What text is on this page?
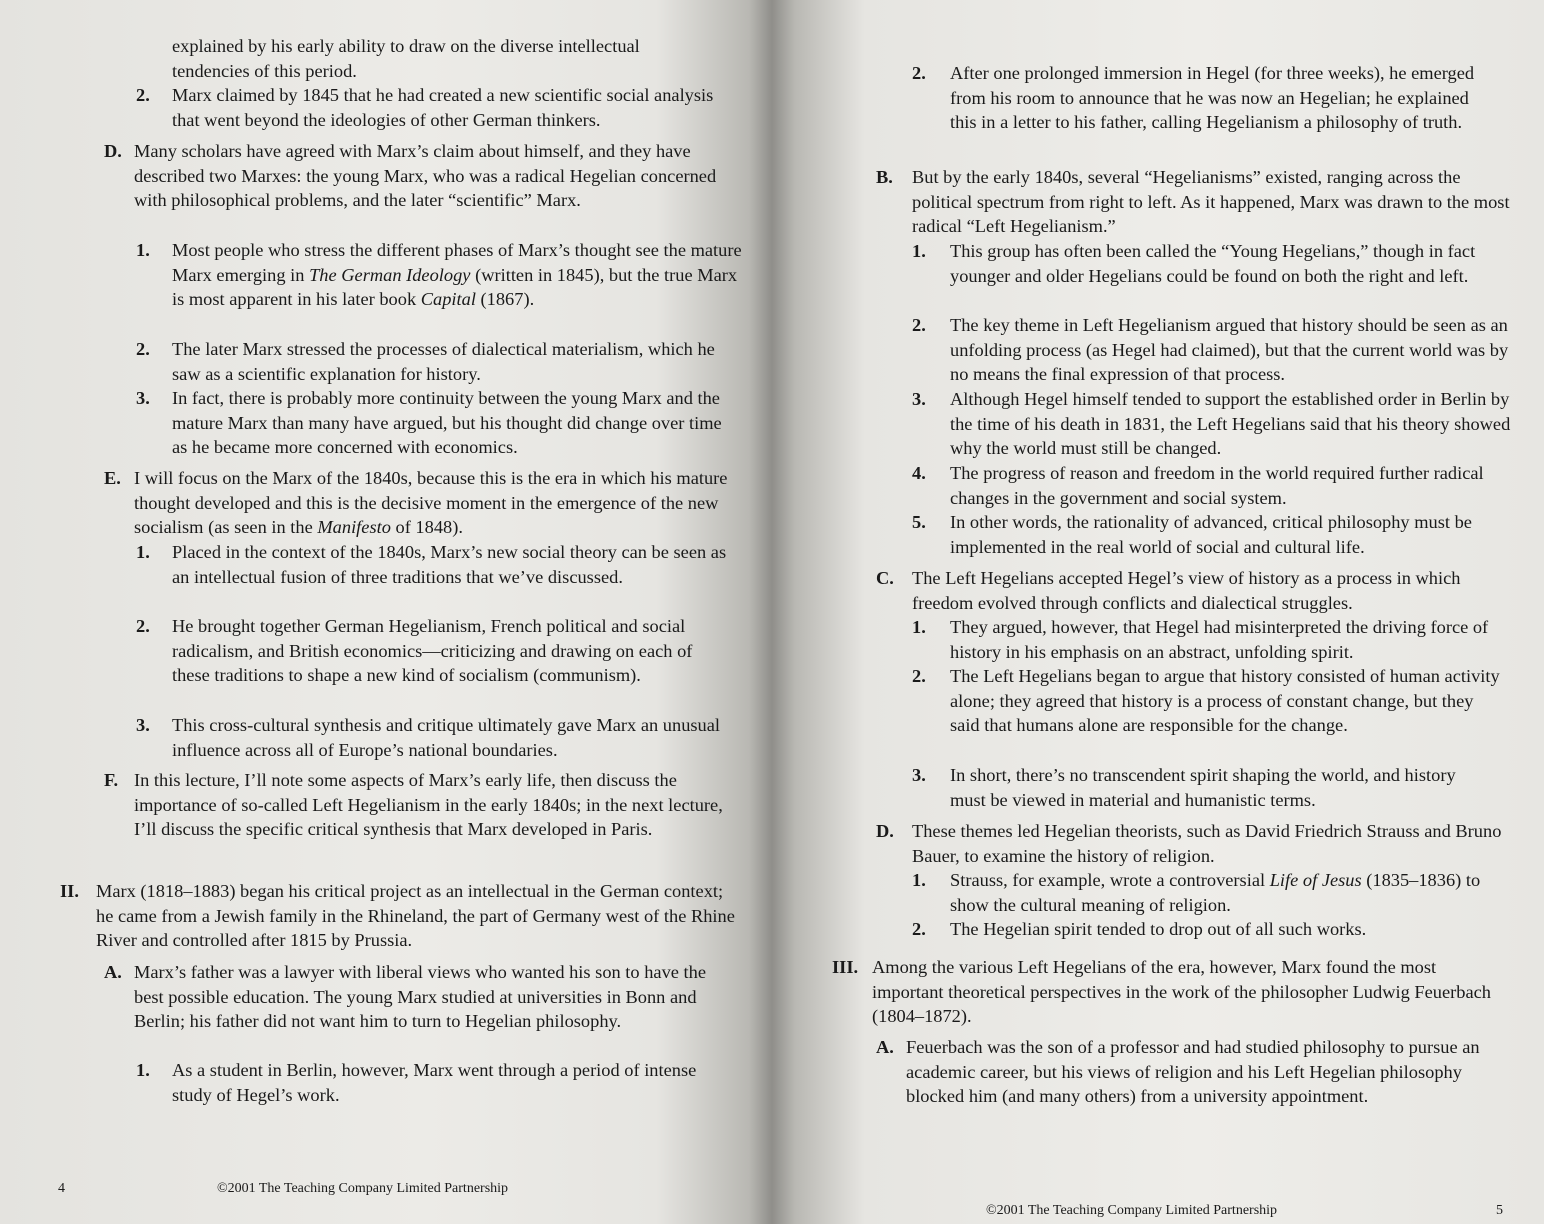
explained by his early ability to draw on the diverse intellectual tendencies of this period.
2. Marx claimed by 1845 that he had created a new scientific social analysis that went beyond the ideologies of other German thinkers.
D. Many scholars have agreed with Marx’s claim about himself, and they have described two Marxes: the young Marx, who was a radical Hegelian concerned with philosophical problems, and the later “scientific” Marx.
1. Most people who stress the different phases of Marx’s thought see the mature Marx emerging in The German Ideology (written in 1845), but the true Marx is most apparent in his later book Capital (1867).
2. The later Marx stressed the processes of dialectical materialism, which he saw as a scientific explanation for history.
3. In fact, there is probably more continuity between the young Marx and the mature Marx than many have argued, but his thought did change over time as he became more concerned with economics.
E. I will focus on the Marx of the 1840s, because this is the era in which his mature thought developed and this is the decisive moment in the emergence of the new socialism (as seen in the Manifesto of 1848).
1. Placed in the context of the 1840s, Marx’s new social theory can be seen as an intellectual fusion of three traditions that we’ve discussed.
2. He brought together German Hegelianism, French political and social radicalism, and British economics—criticizing and drawing on each of these traditions to shape a new kind of socialism (communism).
3. This cross-cultural synthesis and critique ultimately gave Marx an unusual influence across all of Europe’s national boundaries.
F. In this lecture, I’ll note some aspects of Marx’s early life, then discuss the importance of so-called Left Hegelianism in the early 1840s; in the next lecture, I’ll discuss the specific critical synthesis that Marx developed in Paris.
II. Marx (1818–1883) began his critical project as an intellectual in the German context; he came from a Jewish family in the Rhineland, the part of Germany west of the Rhine River and controlled after 1815 by Prussia.
A. Marx’s father was a lawyer with liberal views who wanted his son to have the best possible education. The young Marx studied at universities in Bonn and Berlin; his father did not want him to turn to Hegelian philosophy.
1. As a student in Berlin, however, Marx went through a period of intense study of Hegel’s work.
4	©2001 The Teaching Company Limited Partnership
2. After one prolonged immersion in Hegel (for three weeks), he emerged from his room to announce that he was now an Hegelian; he explained this in a letter to his father, calling Hegelianism a philosophy of truth.
B. But by the early 1840s, several “Hegelianisms” existed, ranging across the political spectrum from right to left. As it happened, Marx was drawn to the most radical “Left Hegelianism.”
1. This group has often been called the “Young Hegelians,” though in fact younger and older Hegelians could be found on both the right and left.
2. The key theme in Left Hegelianism argued that history should be seen as an unfolding process (as Hegel had claimed), but that the current world was by no means the final expression of that process.
3. Although Hegel himself tended to support the established order in Berlin by the time of his death in 1831, the Left Hegelians said that his theory showed why the world must still be changed.
4. The progress of reason and freedom in the world required further radical changes in the government and social system.
5. In other words, the rationality of advanced, critical philosophy must be implemented in the real world of social and cultural life.
C. The Left Hegelians accepted Hegel’s view of history as a process in which freedom evolved through conflicts and dialectical struggles.
1. They argued, however, that Hegel had misinterpreted the driving force of history in his emphasis on an abstract, unfolding spirit.
2. The Left Hegelians began to argue that history consisted of human activity alone; they agreed that history is a process of constant change, but they said that humans alone are responsible for the change.
3. In short, there’s no transcendent spirit shaping the world, and history must be viewed in material and humanistic terms.
D. These themes led Hegelian theorists, such as David Friedrich Strauss and Bruno Bauer, to examine the history of religion.
1. Strauss, for example, wrote a controversial Life of Jesus (1835–1836) to show the cultural meaning of religion.
2. The Hegelian spirit tended to drop out of all such works.
III. Among the various Left Hegelians of the era, however, Marx found the most important theoretical perspectives in the work of the philosopher Ludwig Feuerbach (1804–1872).
A. Feuerbach was the son of a professor and had studied philosophy to pursue an academic career, but his views of religion and his Left Hegelian philosophy blocked him (and many others) from a university appointment.
©2001 The Teaching Company Limited Partnership	5
